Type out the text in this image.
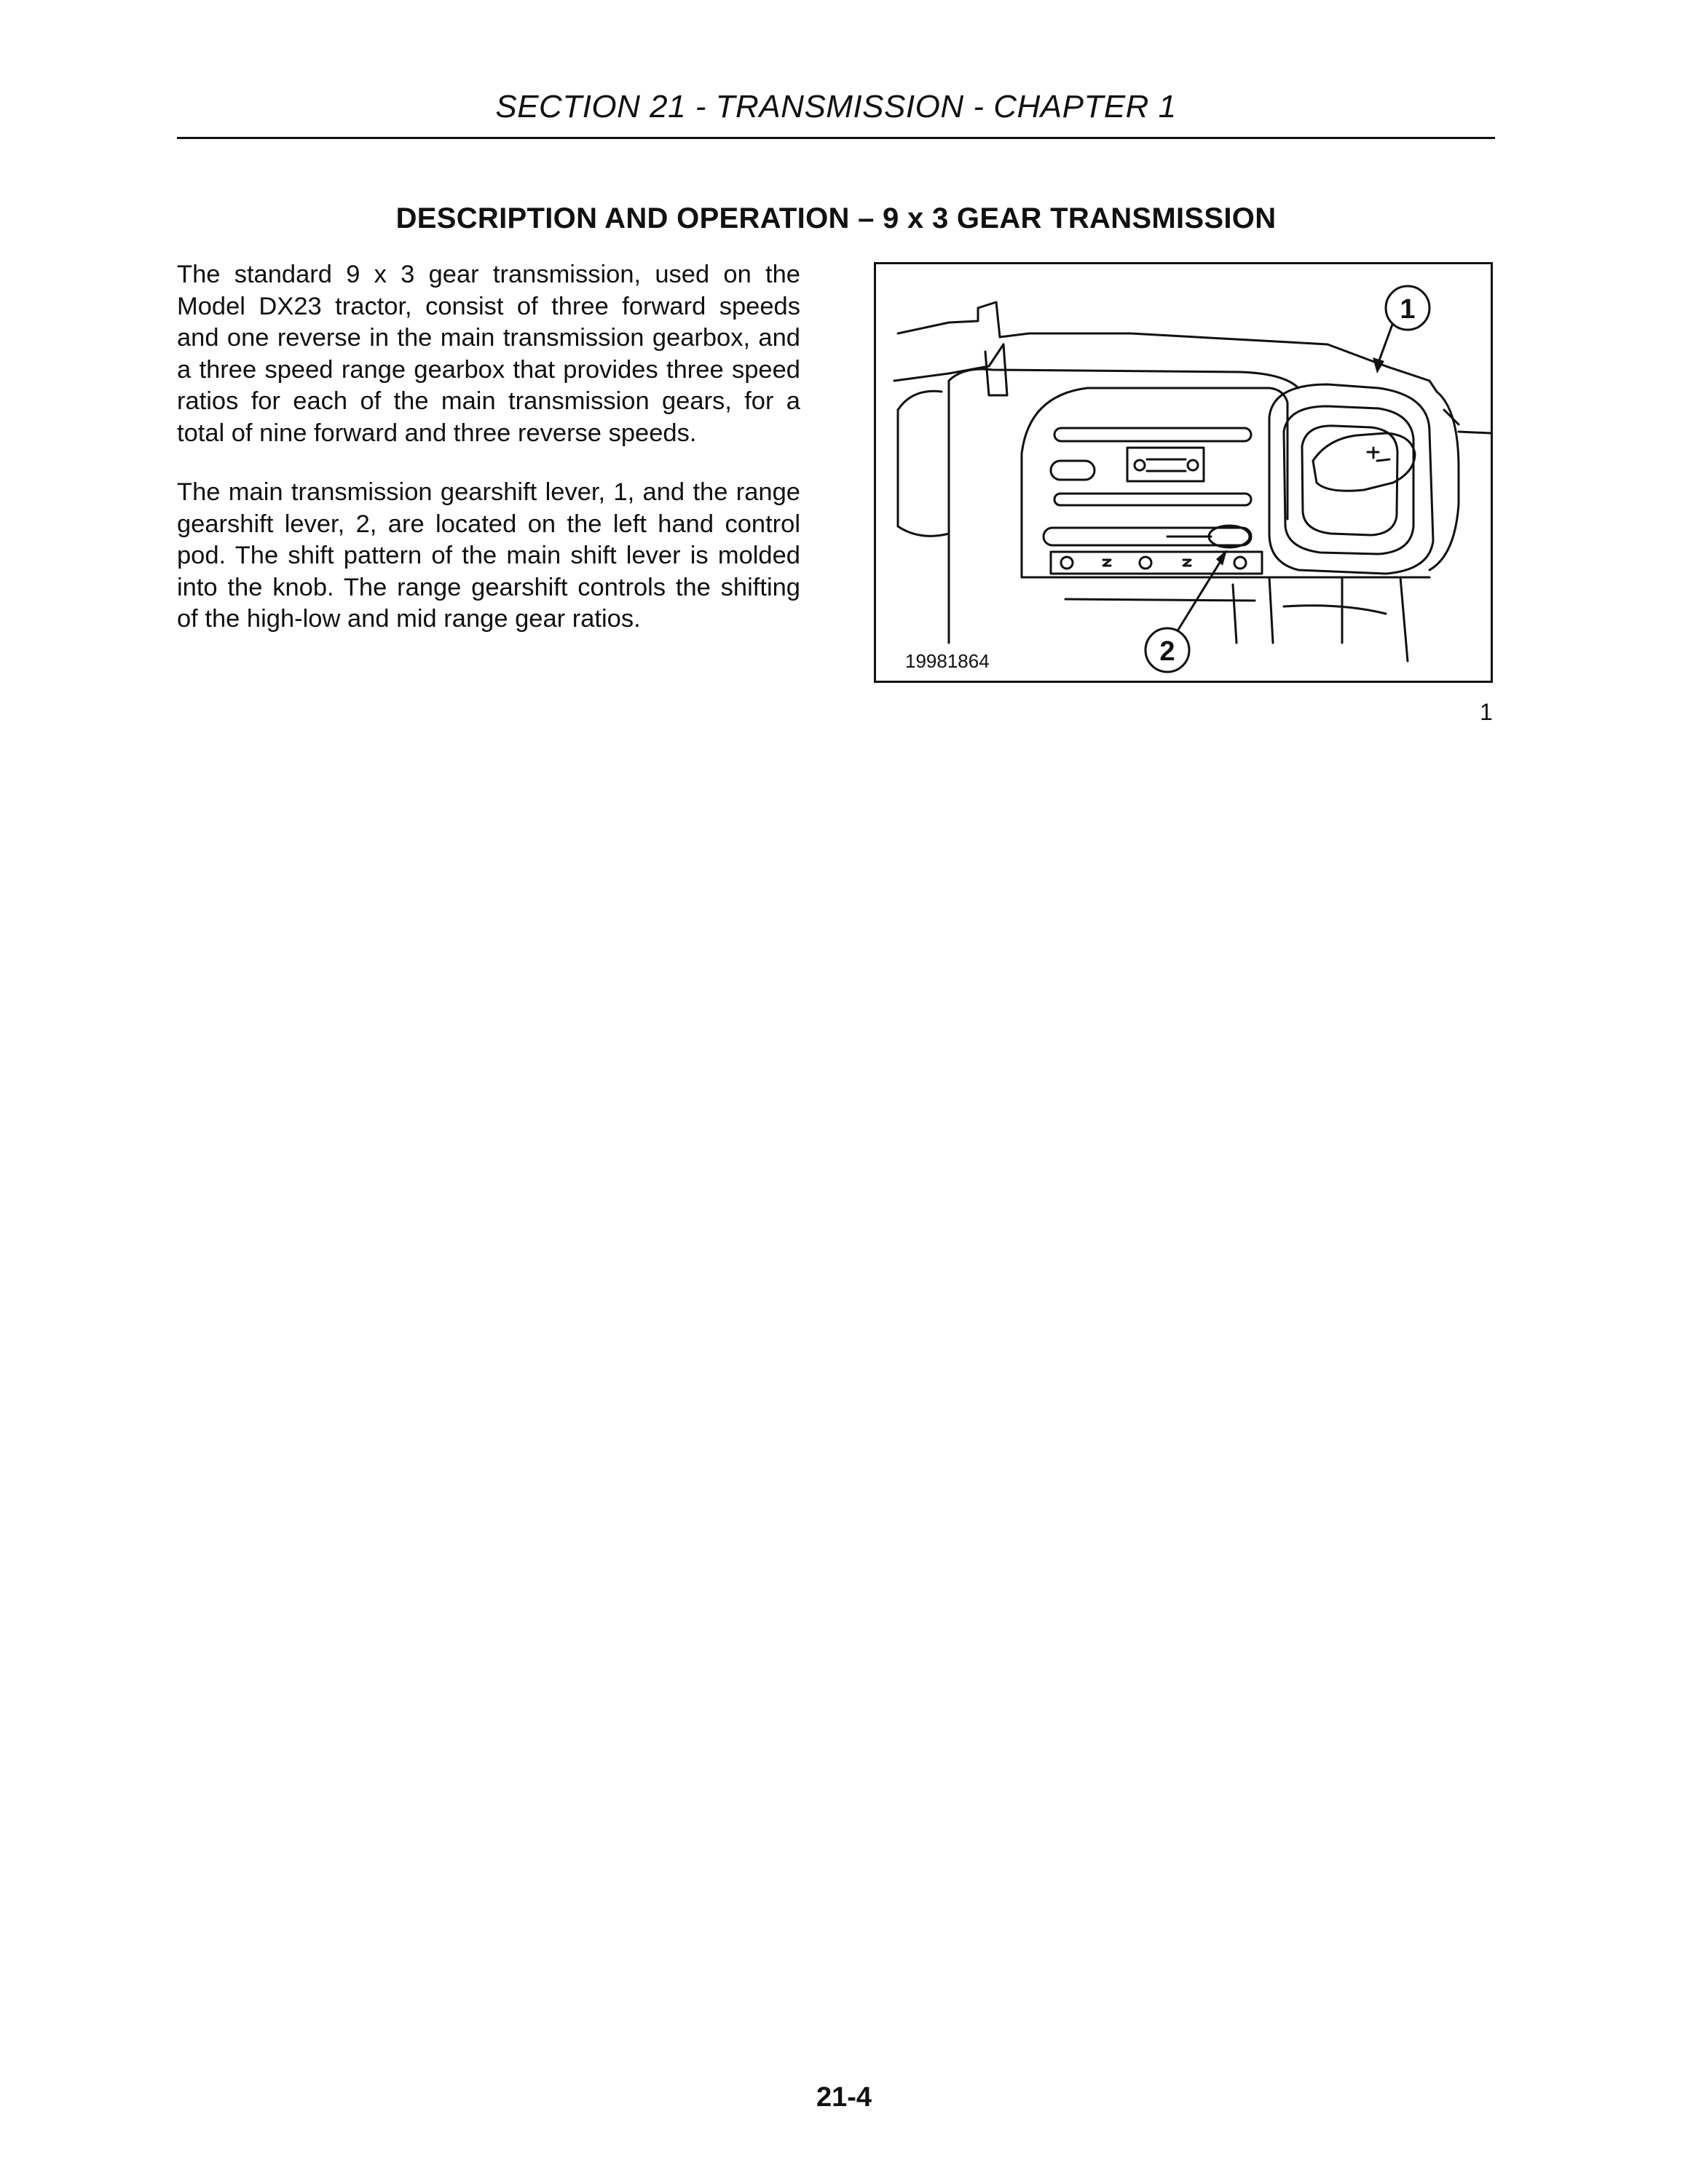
SECTION 21 - TRANSMISSION - CHAPTER 1
DESCRIPTION AND OPERATION – 9 x 3 GEAR TRANSMISSION

The standard 9 x 3 gear transmission, used on the Model DX23 tractor, consist of three forward speeds and one reverse in the main transmission gearbox, and a three speed range gearbox that provides three speed ratios for each of the main transmission gears, for a total of nine forward and three reverse speeds.

The main transmission gearshift lever, 1, and the range gearshift lever, 2, are located on the left hand control pod. The shift pattern of the main shift lever is molded into the knob. The range gearshift controls the shifting of the high-low and mid range gear ratios.

1
2
19981864
1
21-4
